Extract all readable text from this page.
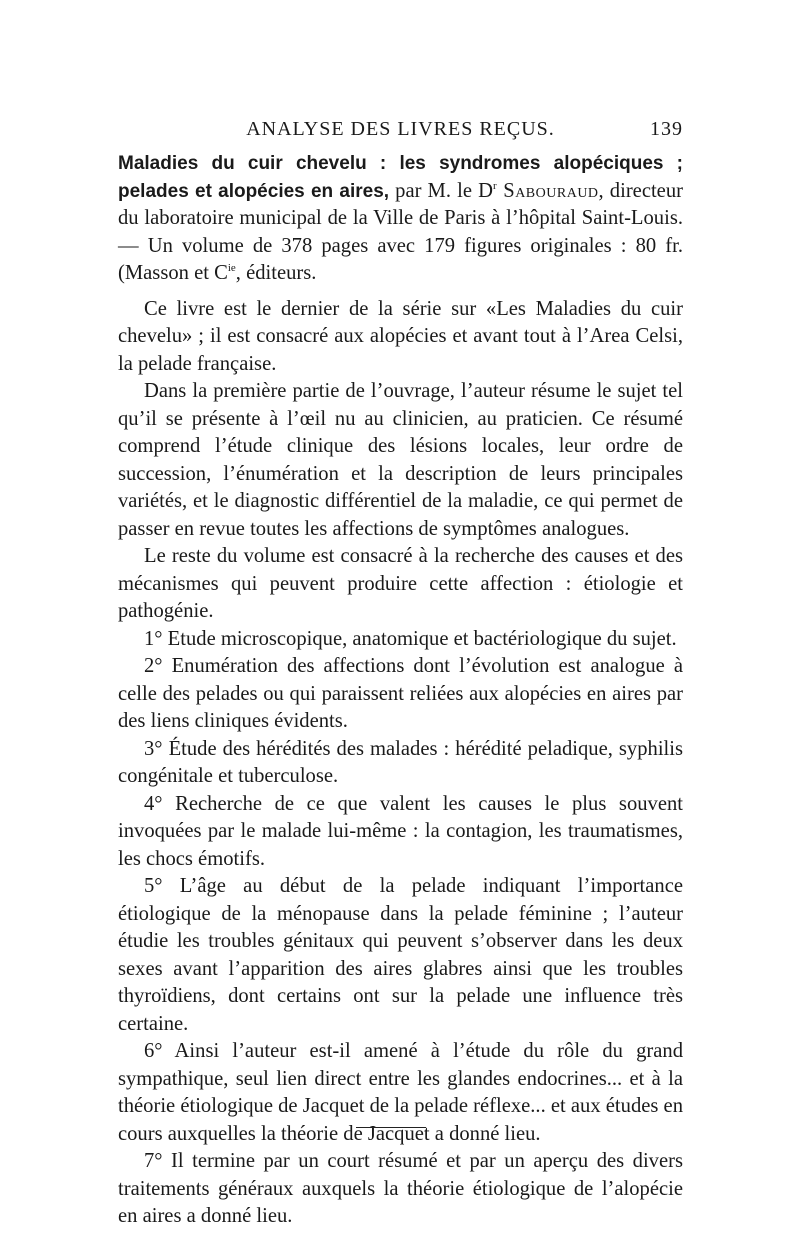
ANALYSE DES LIVRES REÇUS.	139

Maladies du cuir chevelu : les syndromes alopéciques ; pelades et alopécies en aires, par M. le $D^r$ Sabouraud, directeur du laboratoire municipal de la Ville de Paris à l’hôpital Saint-Louis. — Un volume de 378 pages avec 179 figures originales : 80 fr. (Masson et $C^{ie}$, éditeurs.

Ce livre est le dernier de la série sur «Les Maladies du cuir chevelu» ; il est consacré aux alopécies et avant tout à l’Area Celsi, la pelade française.

Dans la première partie de l’ouvrage, l’auteur résume le sujet tel qu’il se présente à l’œil nu au clinicien, au praticien. Ce résumé comprend l’étude clinique des lésions locales, leur ordre de succession, l’énumération et la description de leurs principales variétés, et le diagnostic différentiel de la maladie, ce qui permet de passer en revue toutes les affections de symptômes analogues.

Le reste du volume est consacré à la recherche des causes et des mécanismes qui peuvent produire cette affection : étiologie et pathogénie.

1° Etude microscopique, anatomique et bactériologique du sujet.

2° Enumération des affections dont l’évolution est analogue à celle des pelades ou qui paraissent reliées aux alopécies en aires par des liens cliniques évidents.

3° Étude des hérédités des malades : hérédité peladique, syphilis congénitale et tuberculose.

4° Recherche de ce que valent les causes le plus souvent invoquées par le malade lui-même : la contagion, les traumatismes, les chocs émotifs.

5° L’âge au début de la pelade indiquant l’importance étiologique de la ménopause dans la pelade féminine ; l’auteur étudie les troubles génitaux qui peuvent s’observer dans les deux sexes avant l’apparition des aires glabres ainsi que les troubles thyroïdiens, dont certains ont sur la pelade une influence très certaine.

6° Ainsi l’auteur est-il amené à l’étude du rôle du grand sympathique, seul lien direct entre les glandes endocrines... et à la théorie étiologique de Jacquet de la pelade réflexe... et aux études en cours auxquelles la théorie de Jacquet a donné lieu.

7° Il termine par un court résumé et par un aperçu des divers traitements généraux auxquels la théorie étiologique de l’alopécie en aires a donné lieu.
